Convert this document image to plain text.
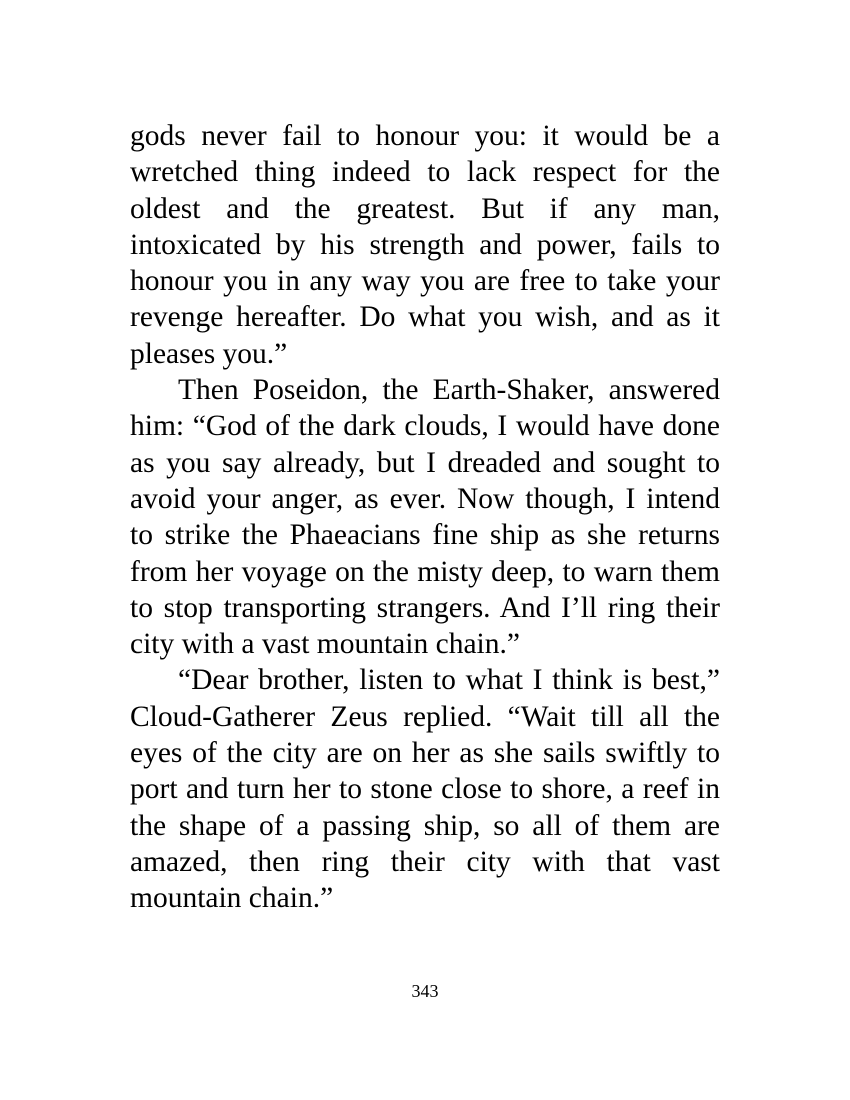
gods never fail to honour you: it would be a wretched thing indeed to lack respect for the oldest and the greatest. But if any man, intoxicated by his strength and power, fails to honour you in any way you are free to take your revenge hereafter. Do what you wish, and as it pleases you.”

Then Poseidon, the Earth-Shaker, answered him: “God of the dark clouds, I would have done as you say already, but I dreaded and sought to avoid your anger, as ever. Now though, I intend to strike the Phaeacians fine ship as she returns from her voyage on the misty deep, to warn them to stop transporting strangers. And I’ll ring their city with a vast mountain chain.”

“Dear brother, listen to what I think is best,” Cloud-Gatherer Zeus replied. “Wait till all the eyes of the city are on her as she sails swiftly to port and turn her to stone close to shore, a reef in the shape of a passing ship, so all of them are amazed, then ring their city with that vast mountain chain.”

343
